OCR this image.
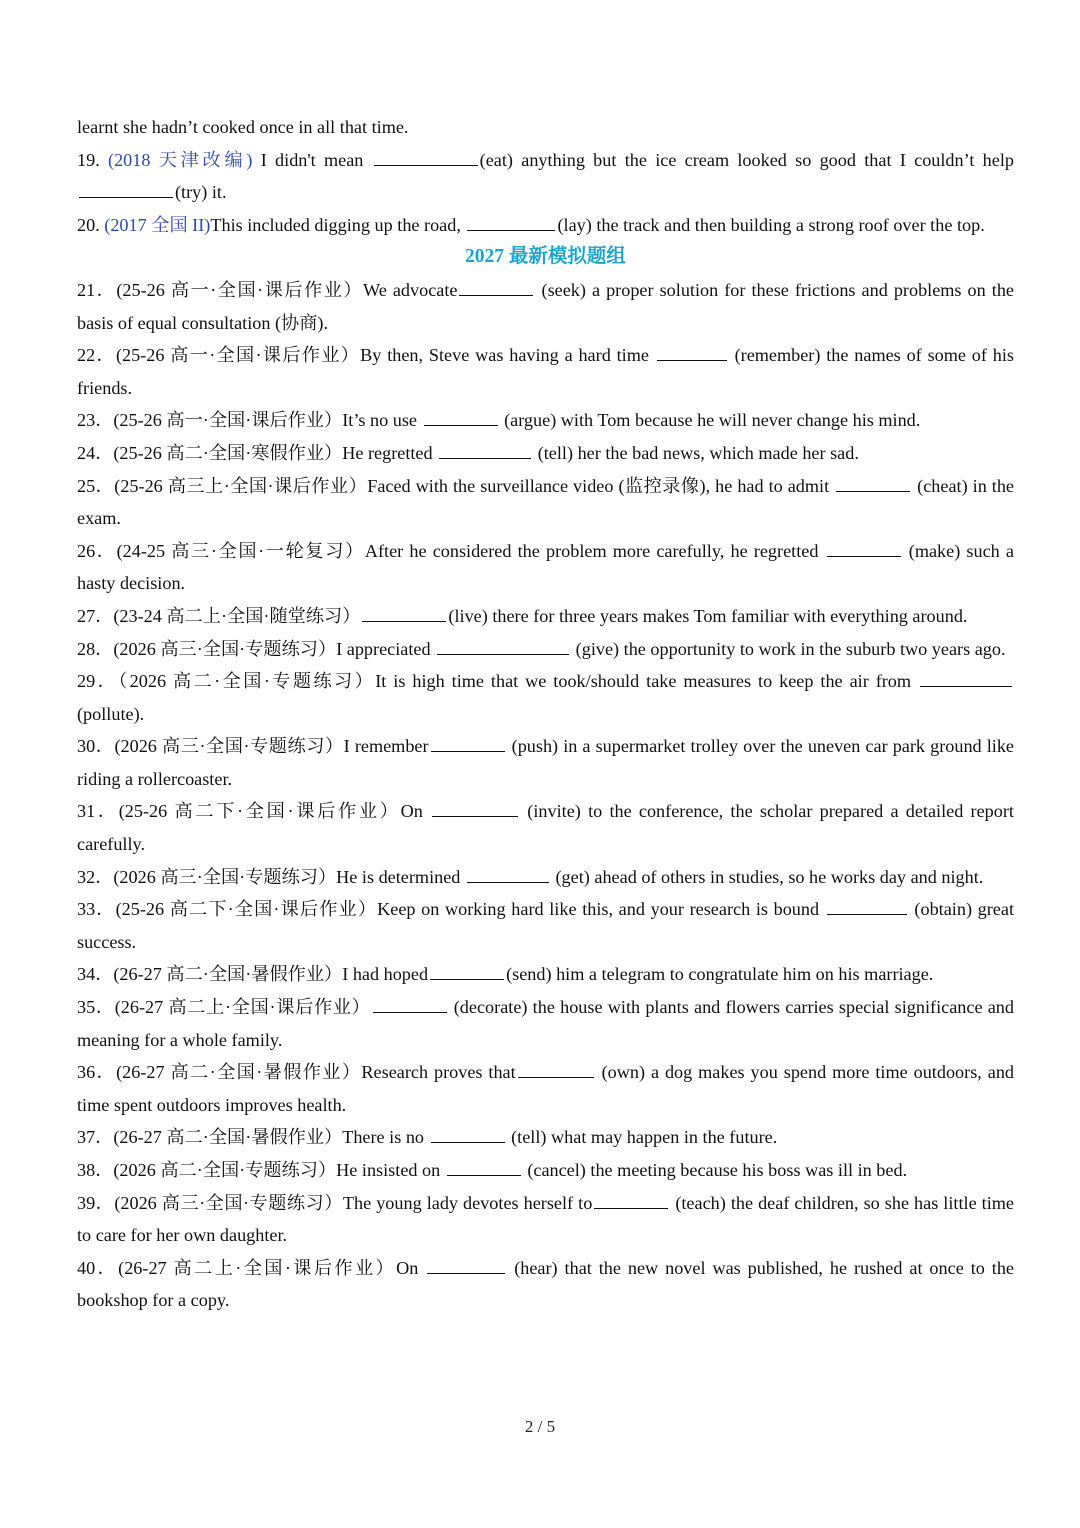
learnt she hadn’t cooked once in all that time.

19. (2018 天津改编) I didn't mean	(eat) anything but the ice cream looked so good that I couldn’t help (try) it.

20. (2017 全国 II)This included digging up the road,	(lay) the track and then building a strong roof over the top.

2027 最新模拟题组

21．(25-26 高一·全国·课后作业）We advocate	(seek) a proper solution for these frictions and problems on the basis of equal consultation (协商).

22．(25-26 高一·全国·课后作业）By then, Steve was having a hard time	(remember) the names of some of his friends.

23．(25-26 高一·全国·课后作业）It’s no use	(argue) with Tom because he will never change his mind.

24．(25-26 高二·全国·寒假作业）He regretted	(tell) her the bad news, which made her sad.

25．(25-26 高三上·全国·课后作业）Faced with the surveillance video (监控录像), he had to admit	(cheat) in the exam.

26．(24-25 高三·全国·一轮复习）After he considered the problem more carefully, he regretted	(make) such a hasty decision.

27．(23-24 高二上·全国·随堂练习）	(live) there for three years makes Tom familiar with everything around.

28．(2026 高三·全国·专题练习）I appreciated	(give) the opportunity to work in the suburb two years ago.

29．（2026 高二·全国·专题练习）It is high time that we took/should take measures to keep the air from  (pollute).

30．(2026 高三·全国·专题练习）I remember	(push) in a supermarket trolley over the uneven car park ground like riding a rollercoaster.

31．(25-26 高二下·全国·课后作业）On	(invite) to the conference, the scholar prepared a detailed report carefully.

32．(2026 高三·全国·专题练习）He is determined	(get) ahead of others in studies, so he works day and night.

33．(25-26 高二下·全国·课后作业）Keep on working hard like this, and your research is bound	(obtain) great success.

34．(26-27 高二·全国·暑假作业）I had hoped	(send) him a telegram to congratulate him on his marriage.

35．(26-27 高二上·全国·课后作业）	(decorate) the house with plants and flowers carries special significance and meaning for a whole family.

36．(26-27 高二·全国·暑假作业）Research proves that	(own) a dog makes you spend more time outdoors, and time spent outdoors improves health.

37．(26-27 高二·全国·暑假作业）There is no	(tell) what may happen in the future.

38．(2026 高二·全国·专题练习）He insisted on	(cancel) the meeting because his boss was ill in bed.

39．(2026 高三·全国·专题练习）The young lady devotes herself to	(teach) the deaf children, so she has little time to care for her own daughter.

40．(26-27 高二上·全国·课后作业）On	(hear) that the new novel was published, he rushed at once to the bookshop for a copy.

2 / 5
